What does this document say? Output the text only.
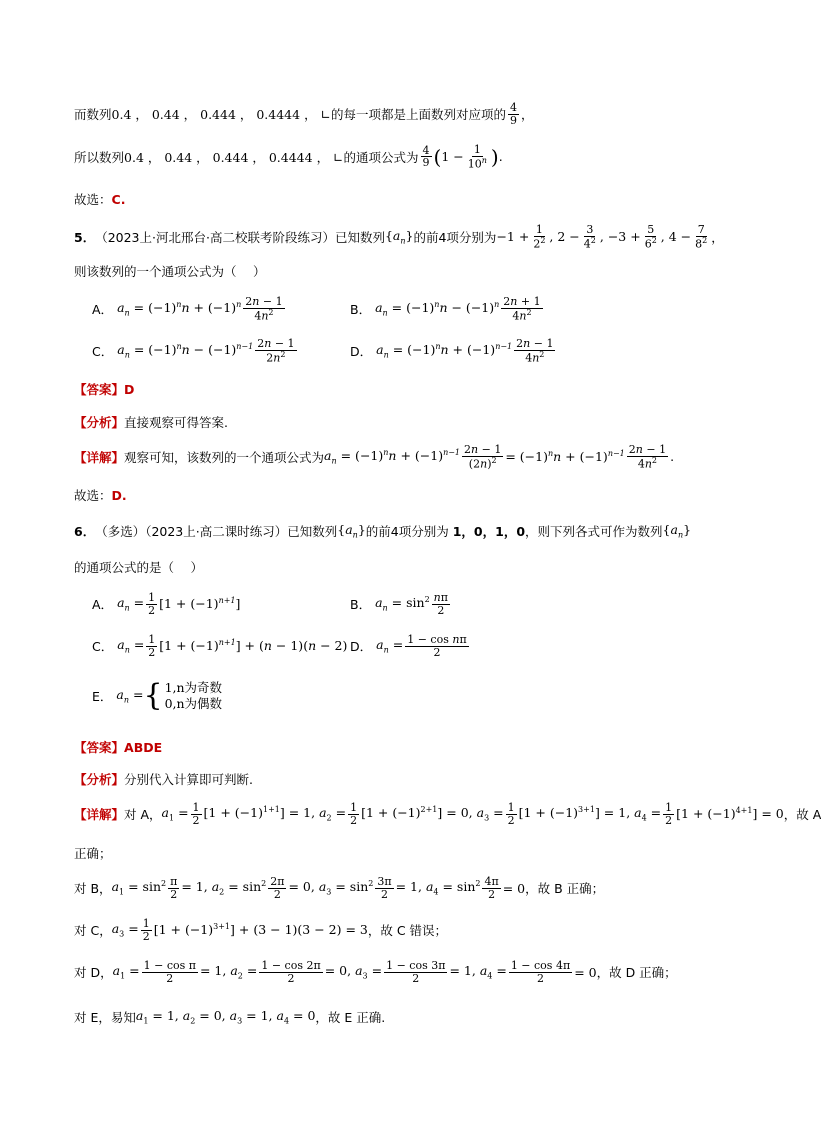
而数列 0.4 ， 0.44 ， 0.444 ， 0.4444 ， ∟ 的每一项都是上面数列对应项的 $\frac{4}{9}$ ，
所以数列 0.4 ， 0.44 ， 0.444 ， 0.4444 ， ∟ 的通项公式为 $\frac{4}{9}$ ( $1 - \frac{1}{10^n}$ ) .
故选： C.
5． （2023上·河北邢台·高二校联考阶段练习）已知数列 $\{a_n\}$ 的前4项分别为 $-1 + \frac{1}{2^2}$ , $2 - \frac{3}{4^2}$ , $-3 + \frac{5}{6^2}$ , $4 - \frac{7}{8^2}$ ，
则该数列的一个通项公式为（　 ）
A． $a_n = (-1)^nn + (-1)^n \frac{2n - 1}{4n^2}$	B． $a_n = (-1)^nn - (-1)^n \frac{2n + 1}{4n^2}$
C． $a_n = (-1)^nn - (-1)^{n-1} \frac{2n - 1}{2n^2}$	D． $a_n = (-1)^nn + (-1)^{n-1} \frac{2n - 1}{4n^2}$
【答案】 D
【分析】 直接观察可得答案.
【详解】 观察可知，该数列的一个通项公式为 $a_n = (-1)^nn + (-1)^{n-1} \frac{2n - 1}{(2n)^2} = (-1)^nn + (-1)^{n-1} \frac{2n - 1}{4n^2}$ .
故选： D.
6． （多选）（2023上·高二课时练习）已知数列 $\{a_n\}$ 的前4项分别为 1，0，1，0 ，则下列各式可作为数列 $\{a_n\}$
的通项公式的是（　 ）
A． $a_n = \frac{1}{2} [1 + (-1)^{n+1}]$	B． $a_n = \sin^2 \frac{n\pi}{2}$
C． $a_n = \frac{1}{2} [1 + (-1)^{n+1}] + (n - 1)(n - 2)$ D． $a_n = \frac{\text{1 − cos nπ}}{2}$
E． $a_n$ = { 1,n为奇数
0,n为偶数
【答案】 ABDE
【分析】 分别代入计算即可判断.
【详解】 对 A， $a_1 = \frac{1}{2} [1 + (-1)^{1+1}] = 1$, $a_2 = \frac{1}{2} [1 + (-1)^{2+1}] = 0$, $a_3 = \frac{1}{2} [1 + (-1)^{3+1}] = 1$, $a_4 = \frac{1}{2} [1 + (-1)^{4+1}] = 0$ ，故 A
正确；
对 B， $a_1 = \sin^2 \frac{\pi}{2} = 1$, $a_2 = \sin^2 \frac{2\pi}{2} = 0$, $a_3 = \sin^2 \frac{3\pi}{2} = 1$, $a_4 = \sin^2 \frac{4\pi}{2} = 0$ ，故 B 正确；
对 C， $a_3 = \frac{1}{2} [1 + (-1)^{3+1}] + (3 - 1)(3 - 2) = 3$ ，故 C 错误；
对 D， $a_1 = \frac{\text{1 − cos π}}{2} = 1$, $a_2 = \frac{1 - \cos 2\pi}{2} = 0$, $a_3 = \frac{1 - \cos 3\pi}{2} = 1$, $a_4 = \frac{1 - \cos 4\pi}{2} = 0$ ，故 D 正确；
对 E，易知 $a_1 = 1$, $a_2 = 0$, $a_3 = 1$, $a_4 = 0$ ，故 E 正确.
